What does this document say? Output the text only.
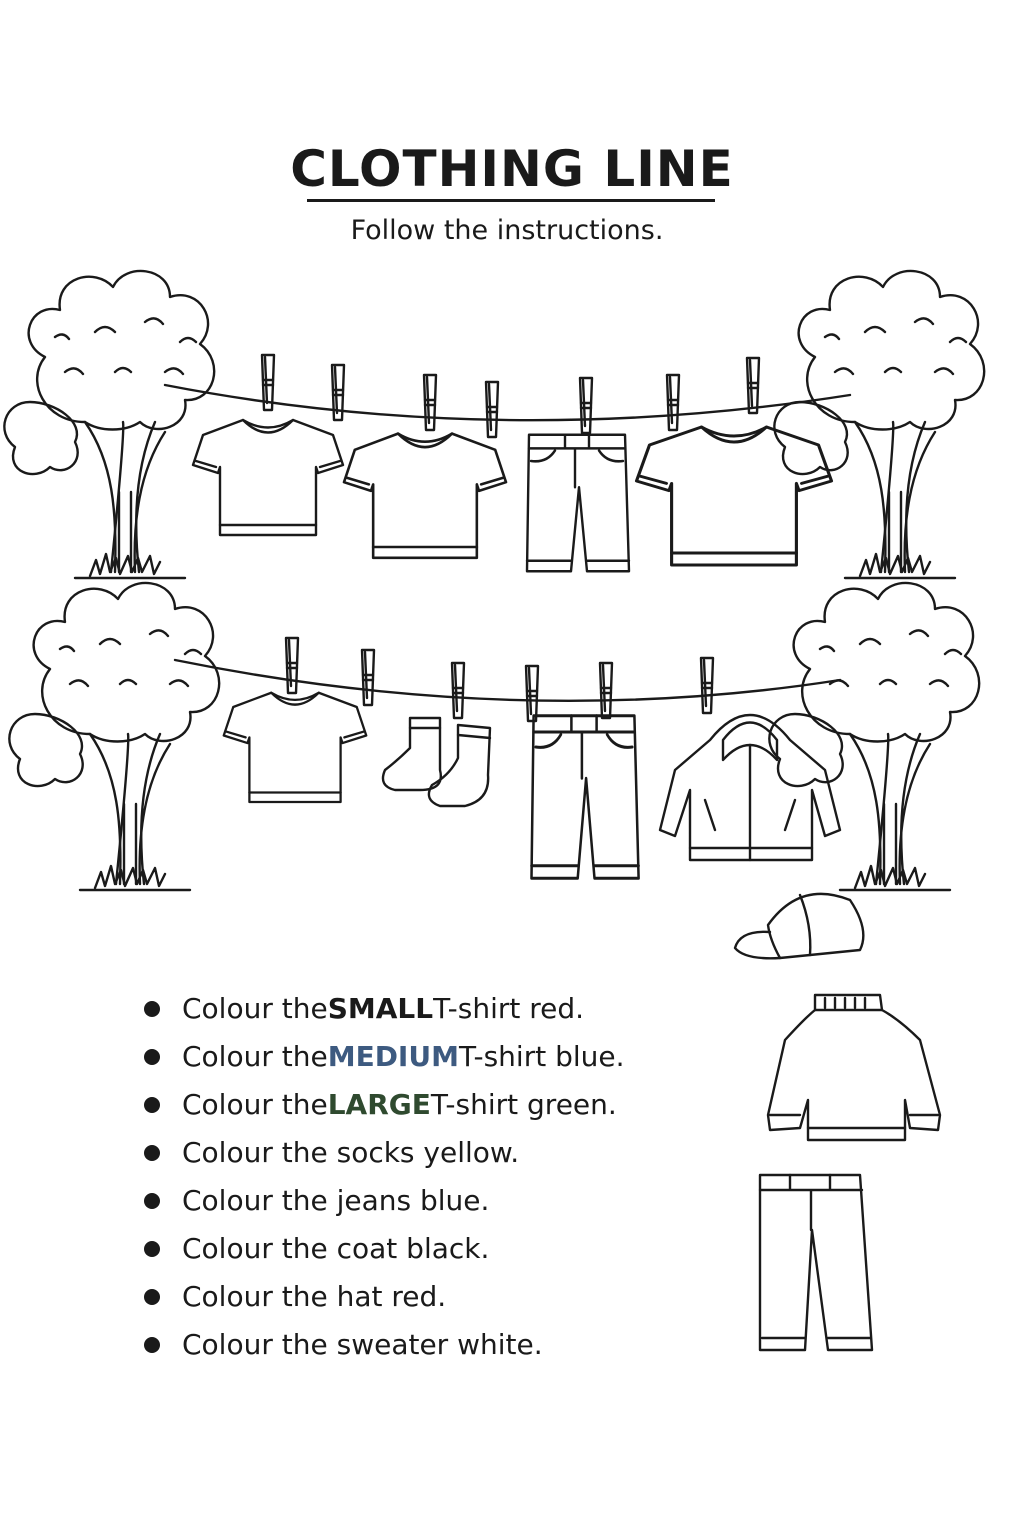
CLOTHING LINE
Follow the instructions.
Colour the SMALL T-shirt red.
Colour the MEDIUM T-shirt blue.
Colour the LARGE T-shirt green.
Colour the socks yellow.
Colour the jeans blue.
Colour the coat black.
Colour the hat red.
Colour the sweater white.
